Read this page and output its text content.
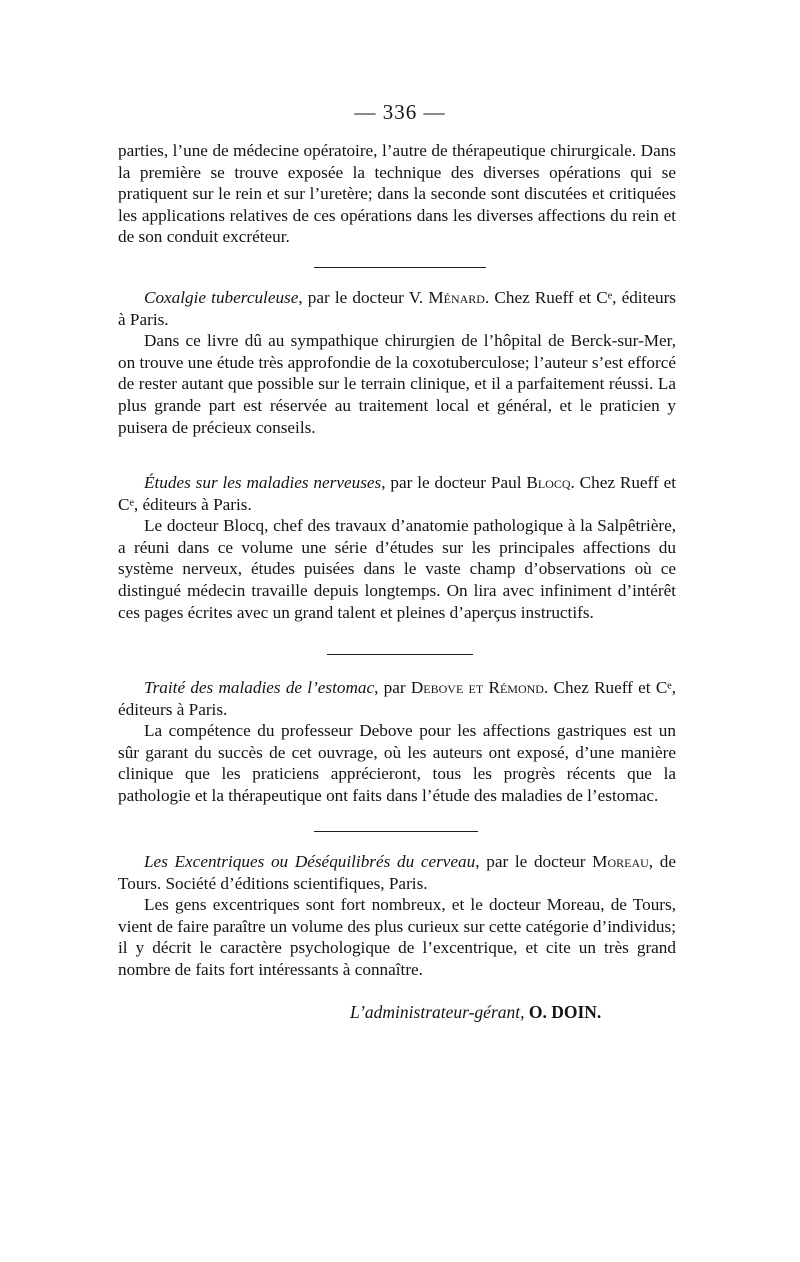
— 336 —

parties, l’une de médecine opératoire, l’autre de thérapeutique chirurgicale. Dans la première se trouve exposée la technique des diverses opérations qui se pratiquent sur le rein et sur l’uretère; dans la seconde sont discutées et critiquées les applications relatives de ces opérations dans les diverses affections du rein et de son conduit excréteur.

Coxalgie tuberculeuse, par le docteur V. Ménard. Chez Rueff et Cᵉ, éditeurs à Paris.

Dans ce livre dû au sympathique chirurgien de l’hôpital de Berck-sur-Mer, on trouve une étude très approfondie de la coxotuberculose; l’auteur s’est efforcé de rester autant que possible sur le terrain clinique, et il a parfaitement réussi. La plus grande part est réservée au traitement local et général, et le praticien y puisera de précieux conseils.

Études sur les maladies nerveuses, par le docteur Paul Blocq. Chez Rueff et Cᵉ, éditeurs à Paris.

Le docteur Blocq, chef des travaux d’anatomie pathologique à la Salpêtrière, a réuni dans ce volume une série d’études sur les principales affections du système nerveux, études puisées dans le vaste champ d’observations où ce distingué médecin travaille depuis longtemps. On lira avec infiniment d’intérêt ces pages écrites avec un grand talent et pleines d’aperçus instructifs.

Traité des maladies de l’estomac, par Debove et Rémond. Chez Rueff et Cᵉ, éditeurs à Paris.

La compétence du professeur Debove pour les affections gastriques est un sûr garant du succès de cet ouvrage, où les auteurs ont exposé, d’une manière clinique que les praticiens apprécieront, tous les progrès récents que la pathologie et la thérapeutique ont faits dans l’étude des maladies de l’estomac.

Les Excentriques ou Déséquilibrés du cerveau, par le docteur Moreau, de Tours. Société d’éditions scientifiques, Paris.

Les gens excentriques sont fort nombreux, et le docteur Moreau, de Tours, vient de faire paraître un volume des plus curieux sur cette catégorie d’individus; il y décrit le caractère psychologique de l’excentrique, et cite un très grand nombre de faits fort intéressants à connaître.

L’administrateur-gérant, O. DOIN.
